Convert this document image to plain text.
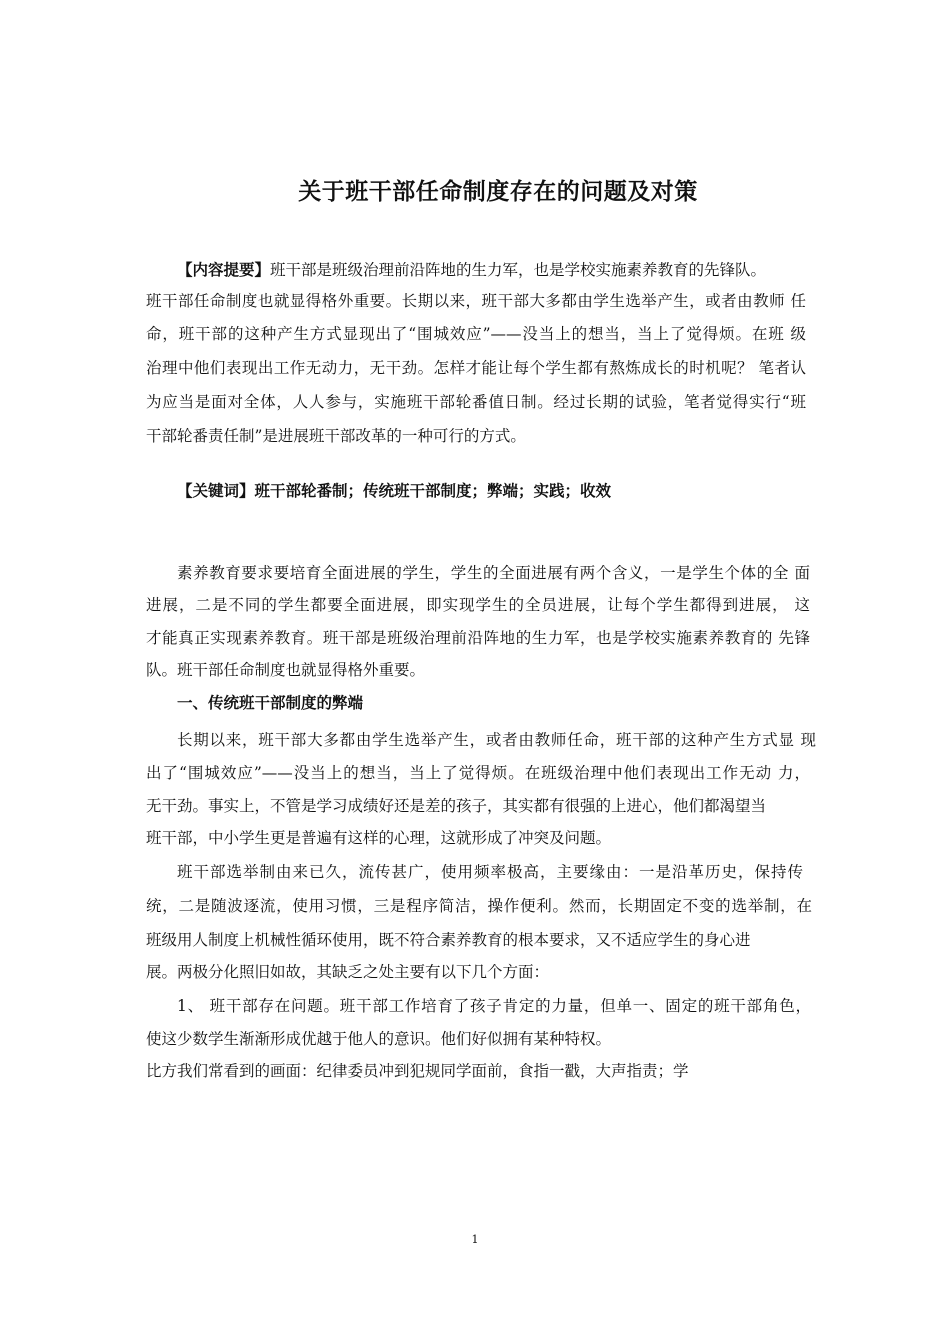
关于班干部任命制度存在的问题及对策
【内容提要】班干部是班级治理前沿阵地的生力军，也是学校实施素养教育的先锋队。
班干部任命制度也就显得格外重要。长期以来，班干部大多都由学生选举产生，或者由教师 任
命，班干部的这种产生方式显现出了“围城效应”——没当上的想当，当上了觉得烦。在班 级
治理中他们表现出工作无动力，无干劲。怎样才能让每个学生都有熬炼成长的时机呢？ 笔者认
为应当是面对全体，人人参与，实施班干部轮番值日制。经过长期的试验，笔者觉得实行“班
干部轮番责任制”是进展班干部改革的一种可行的方式。
【关键词】班干部轮番制；传统班干部制度；弊端；实践；收效
素养教育要求要培育全面进展的学生，学生的全面进展有两个含义，一是学生个体的全 面
进展，二是不同的学生都要全面进展，即实现学生的全员进展，让每个学生都得到进展， 这
才能真正实现素养教育。班干部是班级治理前沿阵地的生力军，也是学校实施素养教育的 先锋
队。班干部任命制度也就显得格外重要。
一、传统班干部制度的弊端
长期以来，班干部大多都由学生选举产生，或者由教师任命，班干部的这种产生方式显 现
出了“围城效应”——没当上的想当，当上了觉得烦。在班级治理中他们表现出工作无动 力，
无干劲。事实上，不管是学习成绩好还是差的孩子，其实都有很强的上进心，他们都渴望当
班干部，中小学生更是普遍有这样的心理，这就形成了冲突及问题。
班干部选举制由来已久，流传甚广，使用频率极高，主要缘由：一是沿革历史，保持传
统，二是随波逐流，使用习惯，三是程序简洁，操作便利。然而，长期固定不变的选举制，在
班级用人制度上机械性循环使用，既不符合素养教育的根本要求，又不适应学生的身心进
展。两极分化照旧如故，其缺乏之处主要有以下几个方面：
1、 班干部存在问题。班干部工作培育了孩子肯定的力量，但单一、固定的班干部角色，
使这少数学生渐渐形成优越于他人的意识。他们好似拥有某种特权。
比方我们常看到的画面：纪律委员冲到犯规同学面前，食指一戳，大声指责；学
1
